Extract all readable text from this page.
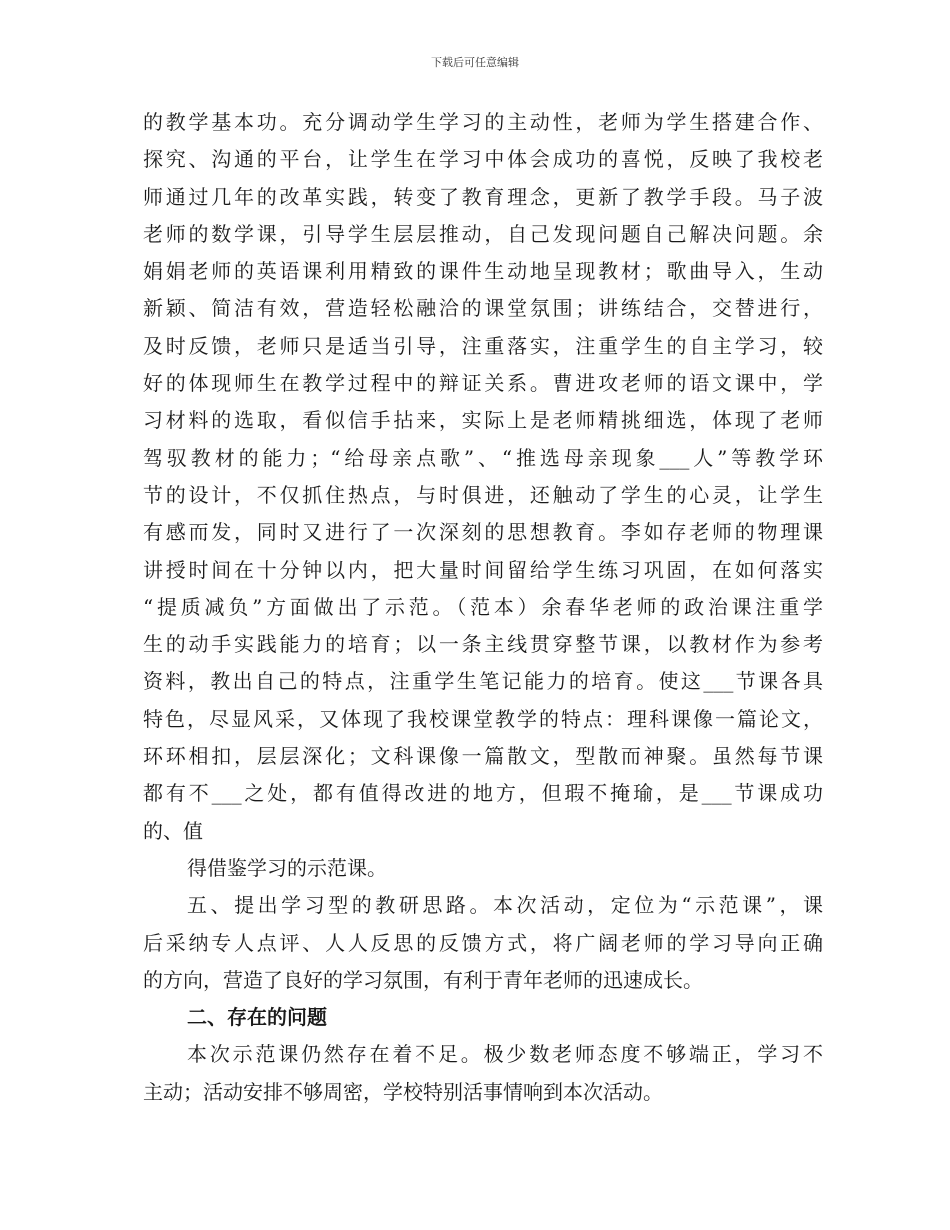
下载后可任意编辑
的教学基本功。充分调动学生学习的主动性，老师为学生搭建合作、
探究、沟通的平台，让学生在学习中体会成功的喜悦，反映了我校老
师通过几年的改革实践，转变了教育理念，更新了教学手段。马子波
老师的数学课，引导学生层层推动，自己发现问题自己解决问题。余
娟娟老师的英语课利用精致的课件生动地呈现教材；歌曲导入，生动
新颖、简洁有效，营造轻松融洽的课堂氛围；讲练结合，交替进行，
及时反馈，老师只是适当引导，注重落实，注重学生的自主学习，较
好的体现师生在教学过程中的辩证关系。曹进攻老师的语文课中，学
习材料的选取，看似信手拈来，实际上是老师精挑细选，体现了老师
驾驭教材的能力；“给母亲点歌”、“推选母亲现象___人”等教学环
节的设计，不仅抓住热点，与时俱进，还触动了学生的心灵，让学生
有感而发，同时又进行了一次深刻的思想教育。李如存老师的物理课
讲授时间在十分钟以内，把大量时间留给学生练习巩固，在如何落实
“提质减负”方面做出了示范。（范本）余春华老师的政治课注重学
生的动手实践能力的培育；以一条主线贯穿整节课，以教材作为参考
资料，教出自己的特点，注重学生笔记能力的培育。使这___节课各具
特色，尽显风采，又体现了我校课堂教学的特点：理科课像一篇论文，
环环相扣，层层深化；文科课像一篇散文，型散而神聚。虽然每节课
都有不___之处，都有值得改进的地方，但瑕不掩瑜，是___节课成功
的、值
得借鉴学习的示范课。
五、提出学习型的教研思路。本次活动，定位为“示范课”，课
后采纳专人点评、人人反思的反馈方式，将广阔老师的学习导向正确
的方向，营造了良好的学习氛围，有利于青年老师的迅速成长。
二、存在的问题
本次示范课仍然存在着不足。极少数老师态度不够端正，学习不
主动；活动安排不够周密，学校特别活事情响到本次活动。
